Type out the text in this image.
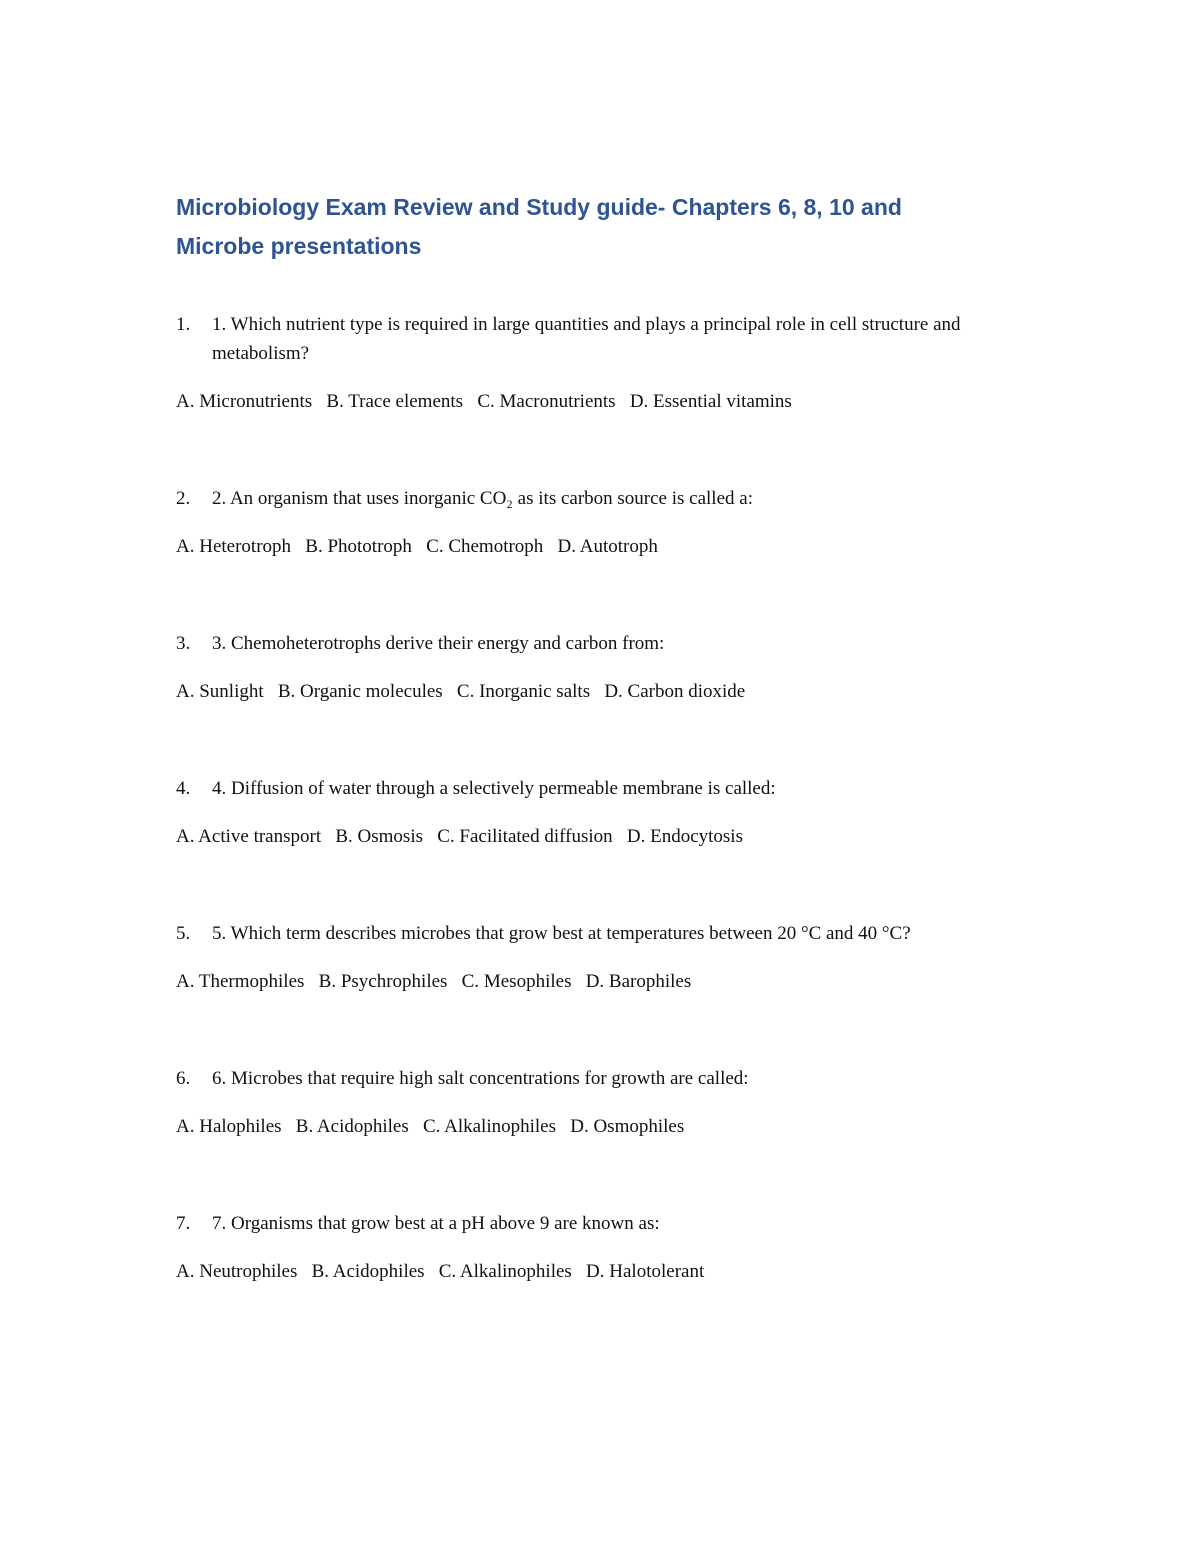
Microbiology Exam Review and Study guide- Chapters 6, 8, 10 and Microbe presentations
1.	1. Which nutrient type is required in large quantities and plays a principal role in cell structure and metabolism?
A. Micronutrients   B. Trace elements   C. Macronutrients   D. Essential vitamins
2.	2. An organism that uses inorganic CO₂ as its carbon source is called a:
A. Heterotroph   B. Phototroph   C. Chemotroph   D. Autotroph
3.	3. Chemoheterotrophs derive their energy and carbon from:
A. Sunlight   B. Organic molecules   C. Inorganic salts   D. Carbon dioxide
4.	4. Diffusion of water through a selectively permeable membrane is called:
A. Active transport   B. Osmosis   C. Facilitated diffusion   D. Endocytosis
5.	5. Which term describes microbes that grow best at temperatures between 20 °C and 40 °C?
A. Thermophiles   B. Psychrophiles   C. Mesophiles   D. Barophiles
6.	6. Microbes that require high salt concentrations for growth are called:
A. Halophiles   B. Acidophiles   C. Alkalinophiles   D. Osmophiles
7.	7. Organisms that grow best at a pH above 9 are known as:
A. Neutrophiles   B. Acidophiles   C. Alkalinophiles   D. Halotolerant
